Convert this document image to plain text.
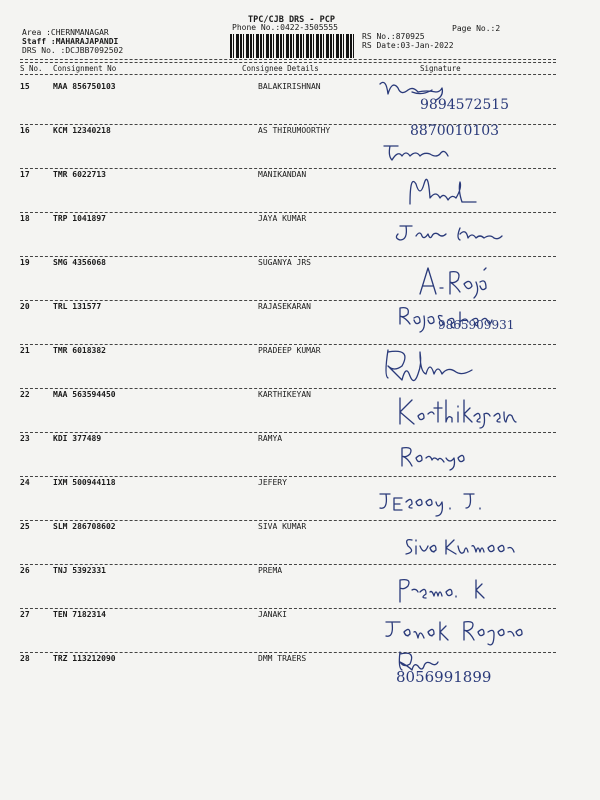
TPC/CJB DRS - PCP
Phone No.:0422-3505555
Area :CHERNMANAGAR
Staff :MAHARAJAPANDI
DRS No. :DCJBB7092502
Page No.:2
RS No.:870925
RS Date:03-Jan-2022
S No. Consignment No	Consignee Details	Signature
15	MAA 856750103	BALAKIRISHNAN
9894572515
16	KCM 12340218	AS THIRUMOORTHY	8870010103
17	TMR 6022713	MANIKANDAN
18	TRP 1041897	JAYA KUMAR
19	SMG 4356068	SUGANYA JRS
20	TRL 131577	RAJASEKARAN
9865909931
21	TMR 6018382	PRADEEP KUMAR
22	MAA 563594450	KARTHIKEYAN
23	KDI 377489	RAMYA
24	IXM 500944118	JEFERY
25	SLM 286708602	SIVA KUMAR
26	TNJ 5392331	PREMA
27	TEN 7182314	JANAKI
28	TRZ 113212090	DMM TRAERS
8056991899
